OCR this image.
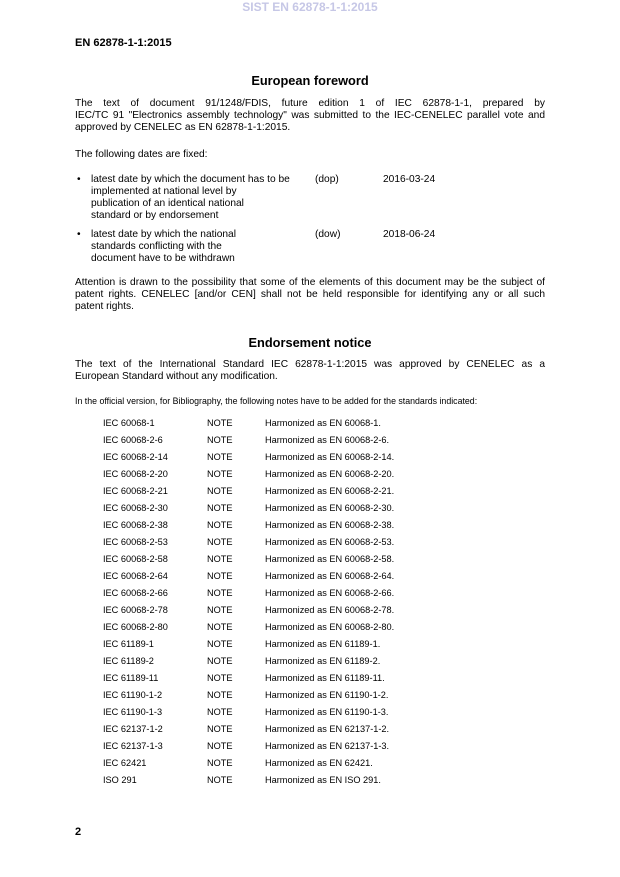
SIST EN 62878-1-1:2015
EN 62878-1-1:2015
European foreword
The text of document 91/1248/FDIS, future edition 1 of IEC 62878-1-1, prepared by
IEC/TC 91 "Electronics assembly technology" was submitted to the IEC-CENELEC parallel vote and
approved by CENELEC as EN 62878-1-1:2015.
The following dates are fixed:
• latest date by which the document has to be
implemented at national level by
publication of an identical national
standard or by endorsement
(dop)	2016-03-24
• latest date by which the national
standards conflicting with the
document have to be withdrawn
(dow)	2018-06-24
Attention is drawn to the possibility that some of the elements of this document may be the subject of
patent rights. CENELEC [and/or CEN] shall not be held responsible for identifying any or all such
patent rights.
Endorsement notice
The text of the International Standard IEC 62878-1-1:2015 was approved by CENELEC as a
European Standard without any modification.
In the official version, for Bibliography, the following notes have to be added for the standards indicated:
IEC 60068-1	NOTE	Harmonized as EN 60068-1.
IEC 60068-2-6	NOTE	Harmonized as EN 60068-2-6.
IEC 60068-2-14	NOTE	Harmonized as EN 60068-2-14.
IEC 60068-2-20	NOTE	Harmonized as EN 60068-2-20.
IEC 60068-2-21	NOTE	Harmonized as EN 60068-2-21.
IEC 60068-2-30	NOTE	Harmonized as EN 60068-2-30.
IEC 60068-2-38	NOTE	Harmonized as EN 60068-2-38.
IEC 60068-2-53	NOTE	Harmonized as EN 60068-2-53.
IEC 60068-2-58	NOTE	Harmonized as EN 60068-2-58.
IEC 60068-2-64	NOTE	Harmonized as EN 60068-2-64.
IEC 60068-2-66	NOTE	Harmonized as EN 60068-2-66.
IEC 60068-2-78	NOTE	Harmonized as EN 60068-2-78.
IEC 60068-2-80	NOTE	Harmonized as EN 60068-2-80.
IEC 61189-1	NOTE	Harmonized as EN 61189-1.
IEC 61189-2	NOTE	Harmonized as EN 61189-2.
IEC 61189-11	NOTE	Harmonized as EN 61189-11.
IEC 61190-1-2	NOTE	Harmonized as EN 61190-1-2.
IEC 61190-1-3	NOTE	Harmonized as EN 61190-1-3.
IEC 62137-1-2	NOTE	Harmonized as EN 62137-1-2.
IEC 62137-1-3	NOTE	Harmonized as EN 62137-1-3.
IEC 62421	NOTE	Harmonized as EN 62421.
ISO 291	NOTE	Harmonized as EN ISO 291.
2
